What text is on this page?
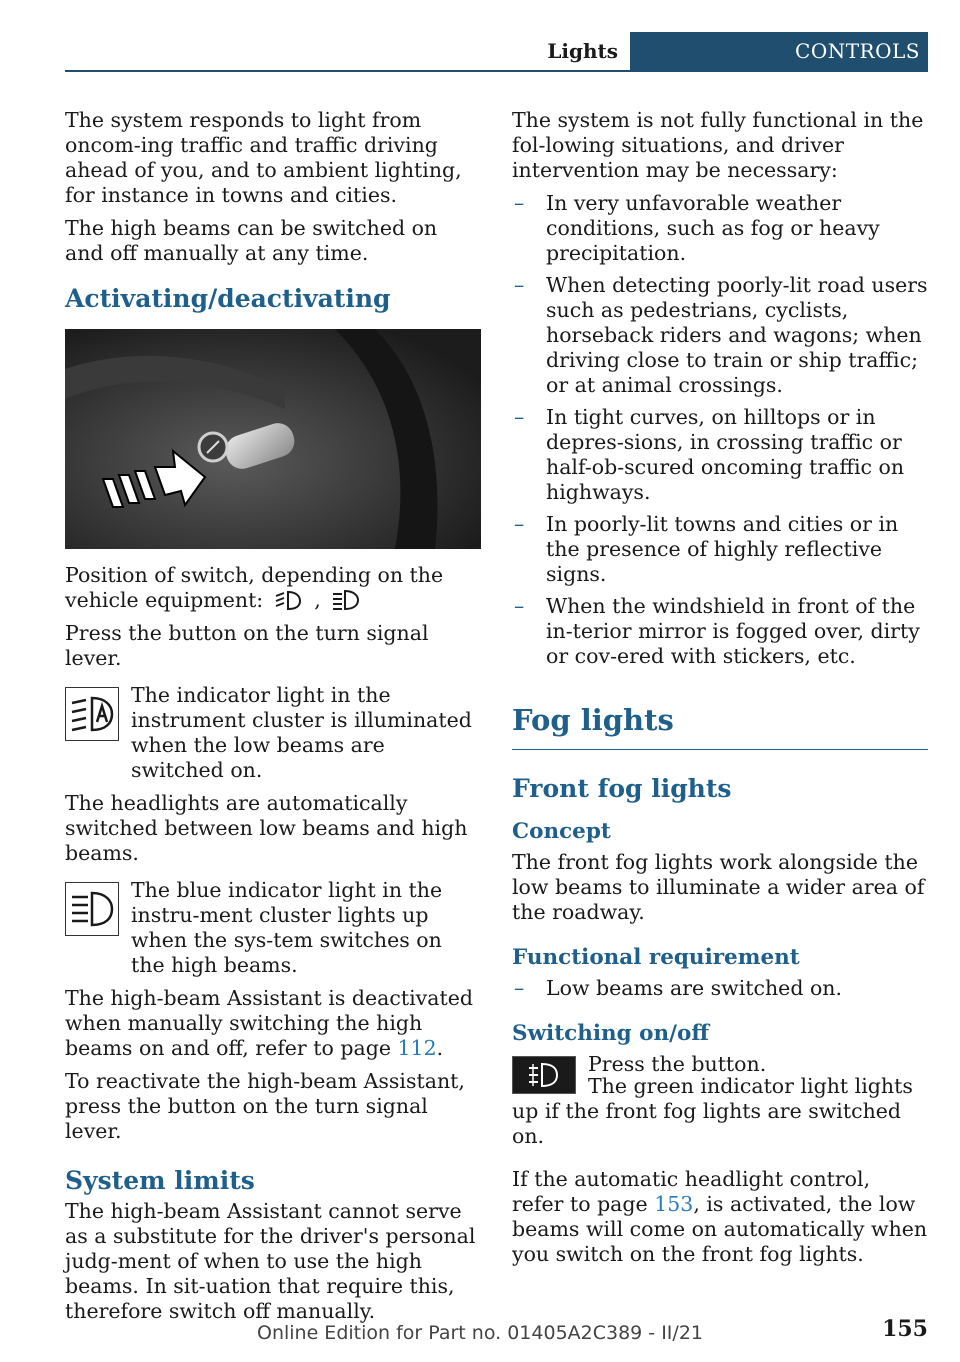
Lights	CONTROLS

The system responds to light from oncom-ing traffic and traffic driving ahead of you, and to ambient lighting, for instance in towns and cities.

The high beams can be switched on and off manually at any time.

Activating/deactivating

Position of switch, depending on the vehicle equipment: ,

Press the button on the turn signal lever.

The indicator light in the instrument cluster is illuminated when the low beams are switched on.

The headlights are automatically switched between low beams and high beams.

The blue indicator light in the instru-ment cluster lights up when the sys-tem switches on the high beams.

The high-beam Assistant is deactivated when manually switching the high beams on and off, refer to page 112.

To reactivate the high-beam Assistant, press the button on the turn signal lever.

System limits

The high-beam Assistant cannot serve as a substitute for the driver's personal judg-ment of when to use the high beams. In sit-uation that require this, therefore switch off manually.

The system is not fully functional in the fol-lowing situations, and driver intervention may be necessary:

– In very unfavorable weather conditions, such as fog or heavy precipitation.
– When detecting poorly-lit road users such as pedestrians, cyclists, horseback riders and wagons; when driving close to train or ship traffic; or at animal crossings.
– In tight curves, on hilltops or in depres-sions, in crossing traffic or half-ob-scured oncoming traffic on highways.
– In poorly-lit towns and cities or in the presence of highly reflective signs.
– When the windshield in front of the in-terior mirror is fogged over, dirty or cov-ered with stickers, etc.
Fog lights
Front fog lights
Concept

The front fog lights work alongside the low beams to illuminate a wider area of the roadway.

Functional requirement
– Low beams are switched on.
Switching on/off

Press the button.

The green indicator light lights up if the front fog lights are switched on.

If the automatic headlight control, refer to page 153, is activated, the low beams will come on automatically when you switch on the front fog lights.

155
Online Edition for Part no. 01405A2C389 - II/21
